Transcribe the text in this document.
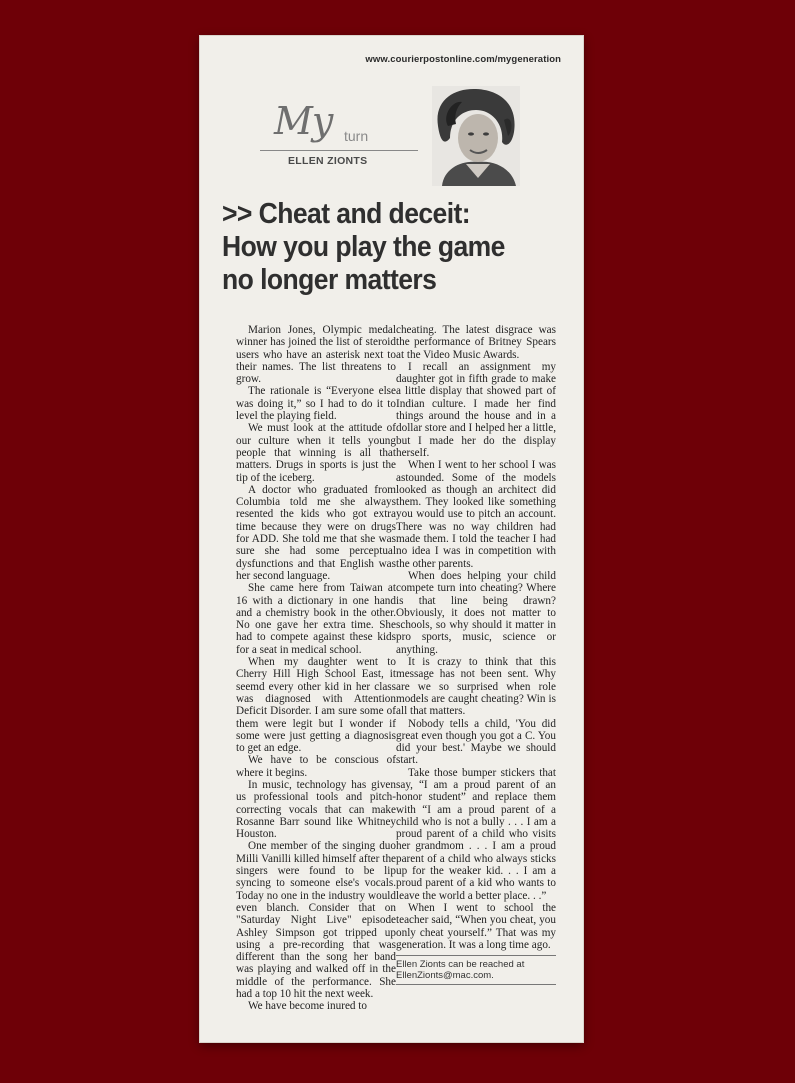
www.courierpostonline.com/mygeneration
My turn
ELLEN ZIONTS
>> Cheat and deceit:
How you play the game
no longer matters

Marion Jones, Olympic medal winner has joined the list of steroid users who have an asterisk next to their names. The list threatens to grow.

The rationale is “Everyone else was doing it,” so I had to do it to level the playing field.

We must look at the attitude of our culture when it tells young people that winning is all that matters. Drugs in sports is just the tip of the iceberg.

A doctor who graduated from Columbia told me she always resented the kids who got extra time because they were on drugs for ADD. She told me that she was sure she had some perceptual dysfunctions and that English was her second language.

She came here from Taiwan at 16 with a dictionary in one hand and a chemistry book in the other. No one gave her extra time. She had to compete against these kids for a seat in medical school.

When my daughter went to Cherry Hill High School East, it seemd every other kid in her class was diagnosed with Attention Deficit Disorder. I am sure some of them were legit but I wonder if some were just getting a diagnosis to get an edge.

We have to be conscious of where it begins.

In music, technology has given us professional tools and pitch-correcting vocals that can make Rosanne Barr sound like Whitney Houston.

One member of the singing duo Milli Vanilli killed himself after the singers were found to be lip syncing to someone else's vocals. Today no one in the industry would even blanch. Consider that on "Saturday Night Live" episode Ashley Simpson got tripped up using a pre-recording that was different than the song her band was playing and walked off in the middle of the performance. She had a top 10 hit the next week.

We have become inured to

cheating. The latest disgrace was the performance of Britney Spears at the Video Music Awards.

I recall an assignment my daughter got in fifth grade to make a little display that showed part of Indian culture. I made her find things around the house and in a dollar store and I helped her a little, but I made her do the display herself.

When I went to her school I was astounded. Some of the models looked as though an architect did them. They looked like something you would use to pitch an account. There was no way children had made them. I told the teacher I had no idea I was in competition with the other parents.

When does helping your child compete turn into cheating? Where is that line being drawn? Obviously, it does not matter to schools, so why should it matter in pro sports, music, science or anything.

It is crazy to think that this message has not been sent. Why are we so surprised when role models are caught cheating? Win is all that matters.

Nobody tells a child, 'You did great even though you got a C. You did your best.' Maybe we should start.

Take those bumper stickers that say, “I am a proud parent of an honor student” and replace them with “I am a proud parent of a child who is not a bully . . . I am a proud parent of a child who visits her grandmom . . . I am a proud parent of a child who always sticks up for the weaker kid. . . I am a proud parent of a kid who wants to leave the world a better place. . .”

When I went to school the teacher said, “When you cheat, you only cheat yourself.” That was my generation. It was a long time ago.

Ellen Zionts can be reached at EllenZionts@mac.com.
